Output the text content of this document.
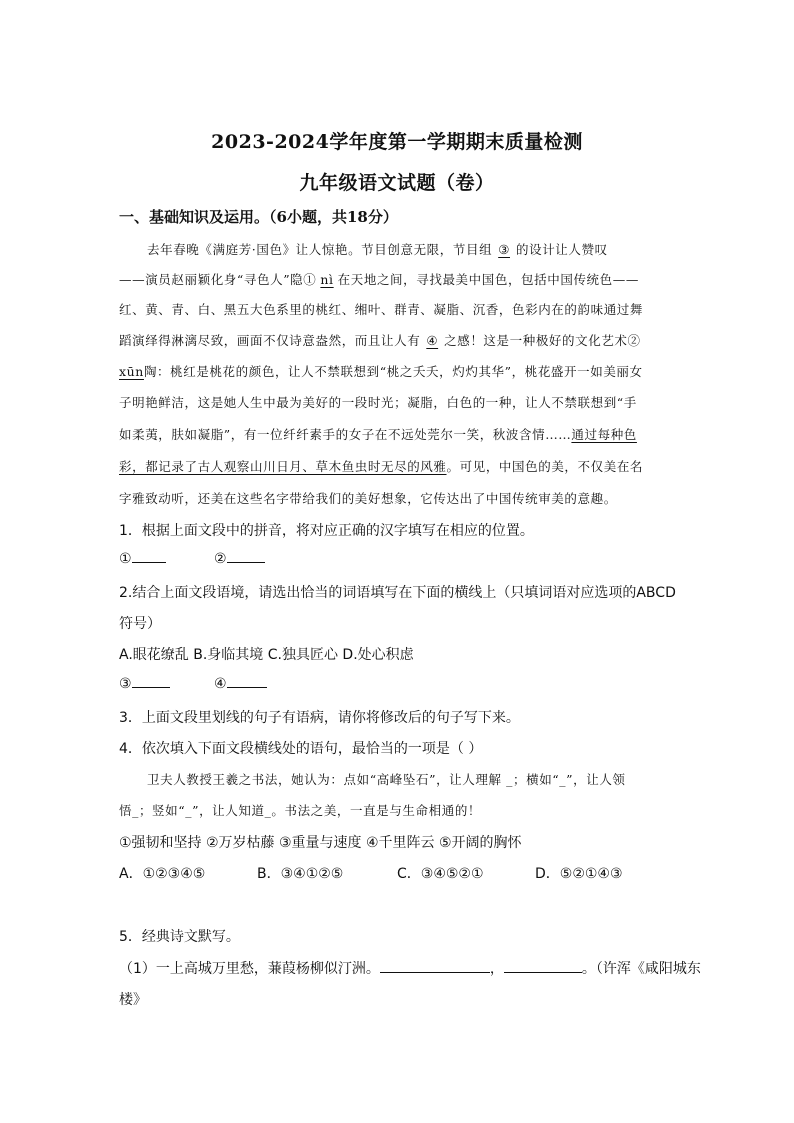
2023-2024学年度第一学期期末质量检测
九年级语文试题（卷）
一、基础知识及运用。（6小题，共18分）
去年春晚《满庭芳·国色》让人惊艳。节目创意无限，节目组 ③ 的设计让人赞叹
——演员赵丽颖化身“寻色人”隐① nì 在天地之间，寻找最美中国色，包括中国传统色——
红、黄、青、白、黑五大色系里的桃红、缃叶、群青、凝脂、沉香，色彩内在的韵味通过舞
蹈演绎得淋漓尽致，画面不仅诗意盎然，而且让人有 ④ 之感！这是一种极好的文化艺术②
xūn陶：桃红是桃花的颜色，让人不禁联想到“桃之夭夭，灼灼其华”，桃花盛开一如美丽女
子明艳鲜洁，这是她人生中最为美好的一段时光；凝脂，白色的一种，让人不禁联想到“手
如柔荑，肤如凝脂”，有一位纤纤素手的女子在不远处莞尔一笑，秋波含情……通过每种色
彩，都记录了古人观察山川日月、草木鱼虫时无尽的风雅。可见，中国色的美，不仅美在名
字雅致动听，还美在这些名字带给我们的美好想象，它传达出了中国传统审美的意趣。
1．根据上面文段中的拼音，将对应正确的汉字填写在相应的位置。
①	②
2.结合上面文段语境，请选出恰当的词语填写在下面的横线上（只填词语对应选项的ABCD
符号）
A.眼花缭乱 B.身临其境 C.独具匠心 D.处心积虑
③	④
3．上面文段里划线的句子有语病，请你将修改后的句子写下来。
4．依次填入下面文段横线处的语句，最恰当的一项是（ ）
卫夫人教授王羲之书法，她认为：点如“高峰坠石”，让人理解 _；横如“_”，让人领
悟_；竖如“_”，让人知道_。书法之美，一直是与生命相通的！
①强韧和坚持 ②万岁枯藤 ③重量与速度 ④千里阵云 ⑤开阔的胸怀
A．①②③④⑤	B．③④①②⑤	C．③④⑤②①	D．⑤②①④③
5．经典诗文默写。
（1）一上高城万里愁，蒹葭杨柳似汀洲。	，	。（许浑《咸阳城东
楼》
